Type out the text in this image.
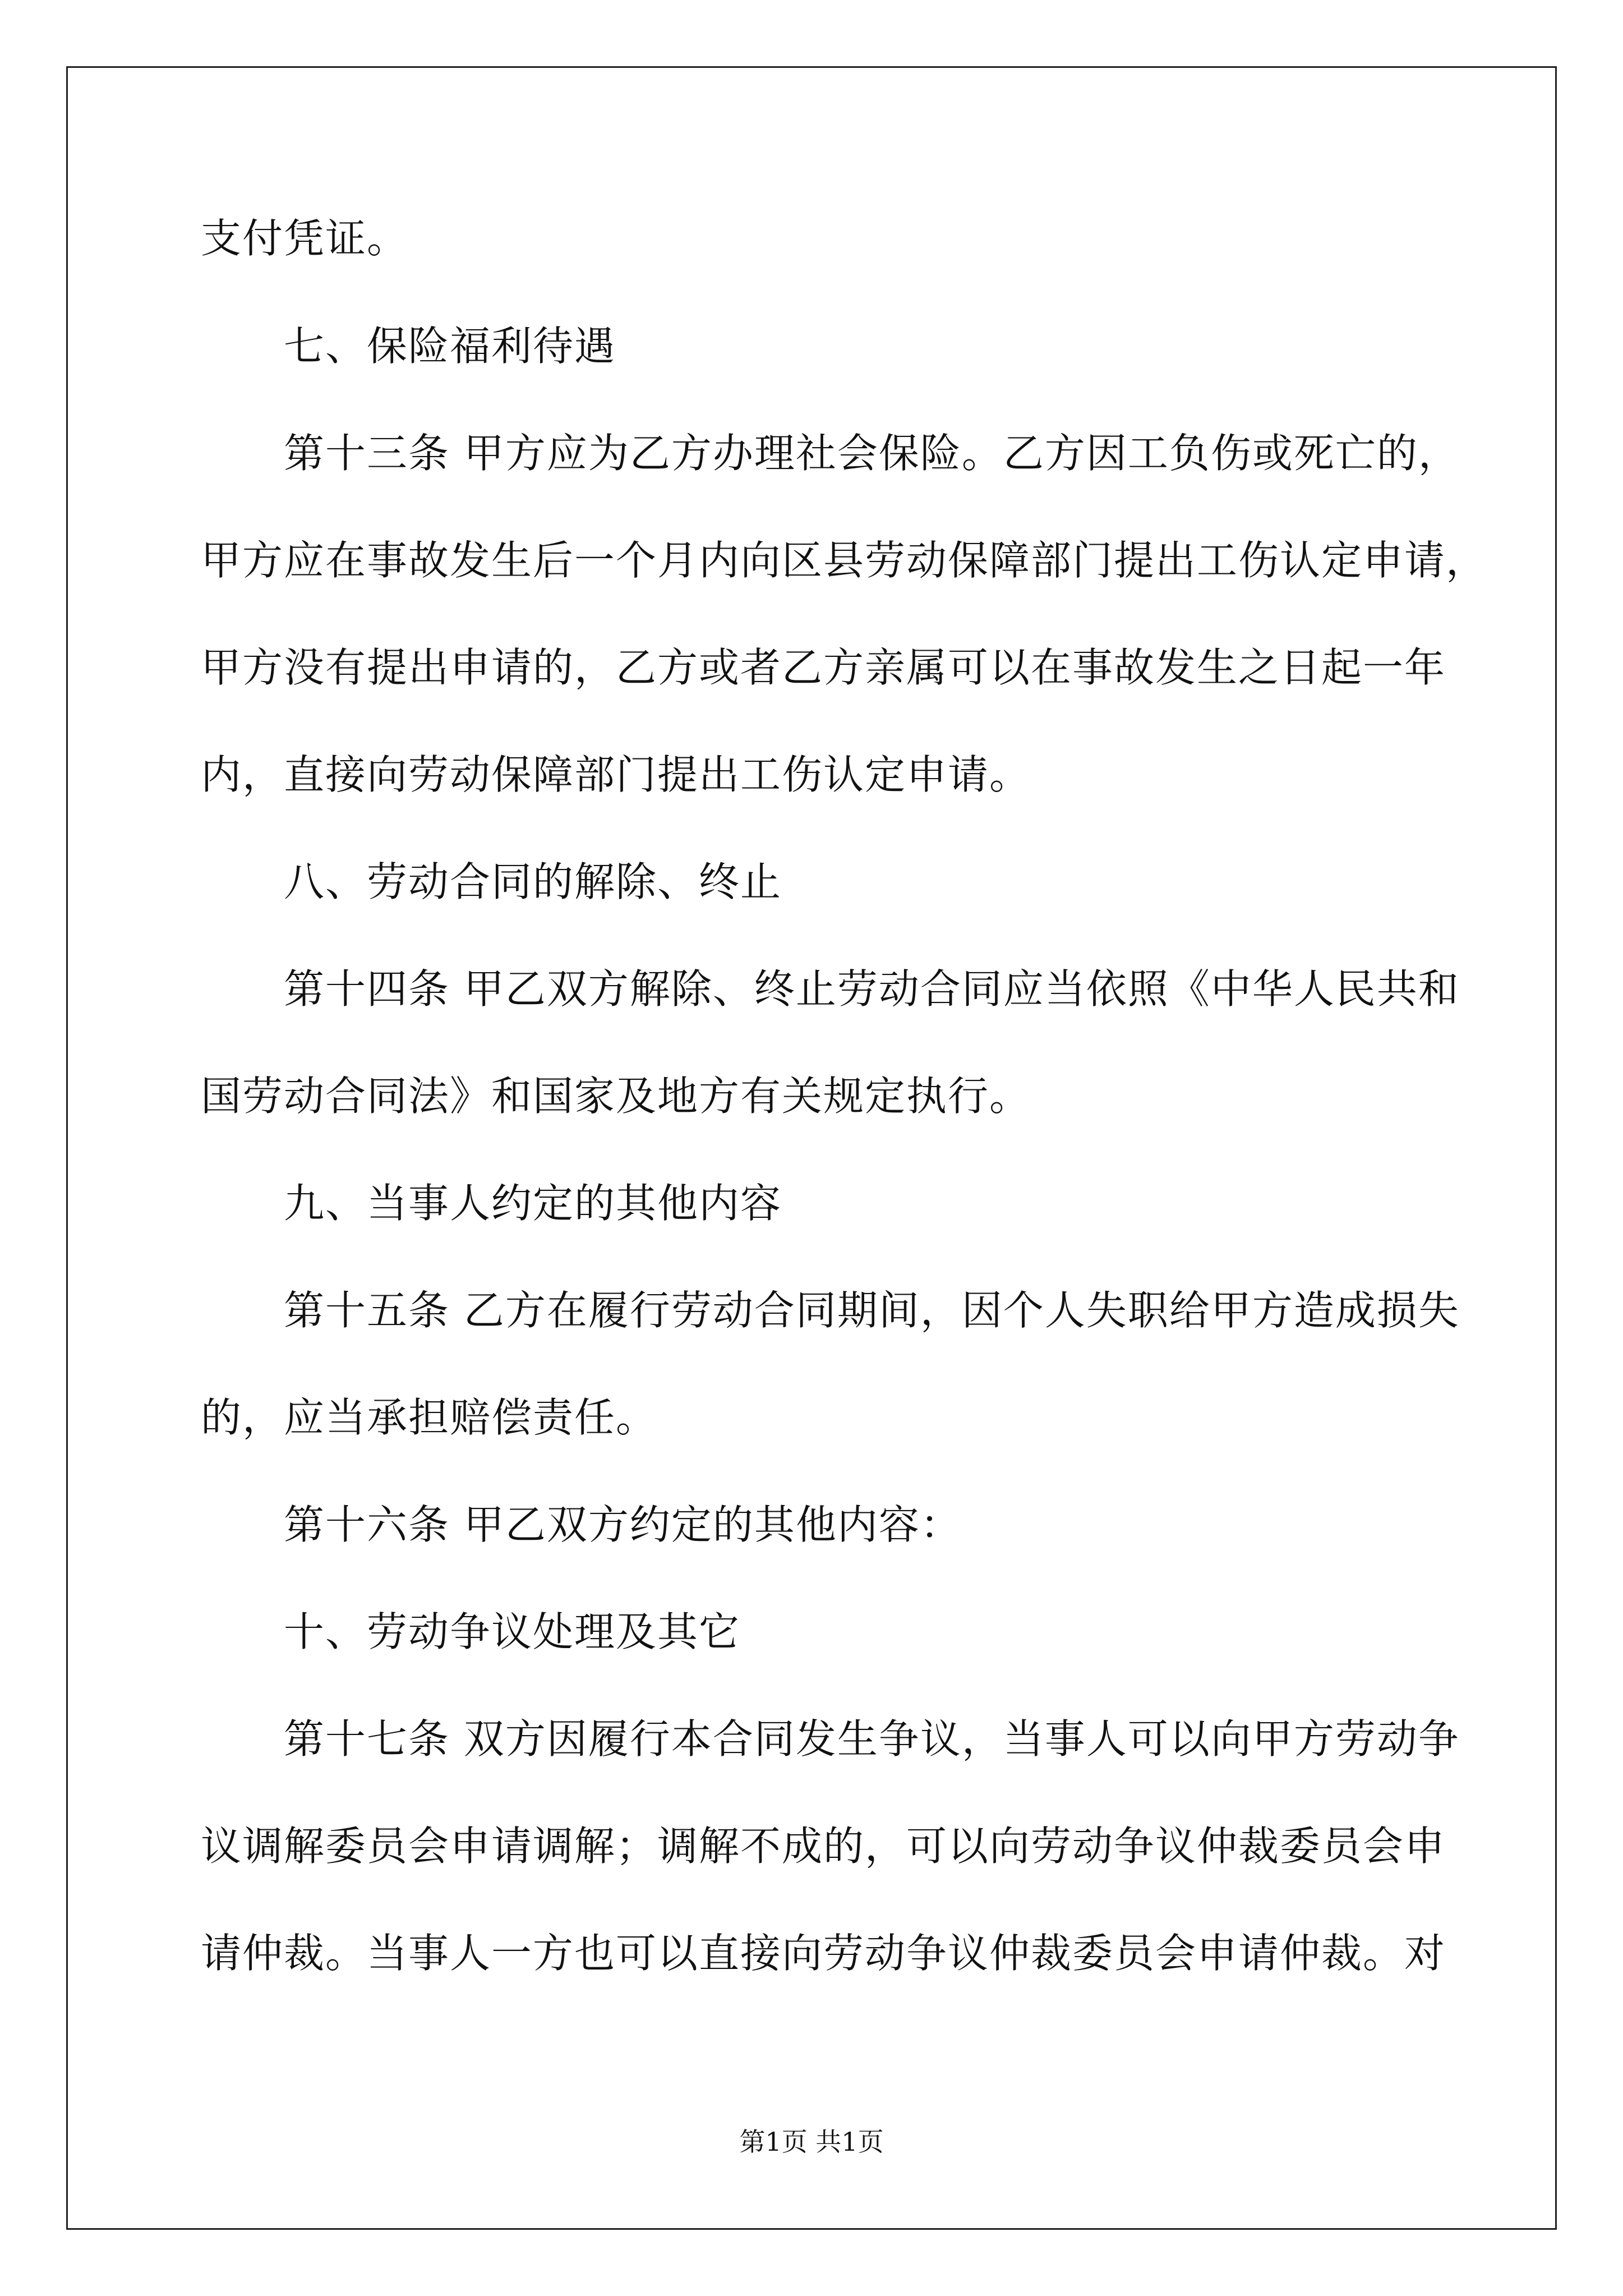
支付凭证。
七、保险福利待遇
第十三条 甲方应为乙方办理社会保险。乙方因工负伤或死亡的，
甲方应在事故发生后一个月内向区县劳动保障部门提出工伤认定申请，
甲方没有提出申请的，乙方或者乙方亲属可以在事故发生之日起一年
内，直接向劳动保障部门提出工伤认定申请。
八、劳动合同的解除、终止
第十四条 甲乙双方解除、终止劳动合同应当依照《中华人民共和
国劳动合同法》和国家及地方有关规定执行。
九、当事人约定的其他内容
第十五条 乙方在履行劳动合同期间，因个人失职给甲方造成损失
的，应当承担赔偿责任。
第十六条 甲乙双方约定的其他内容：
十、劳动争议处理及其它
第十七条 双方因履行本合同发生争议，当事人可以向甲方劳动争
议调解委员会申请调解；调解不成的，可以向劳动争议仲裁委员会申
请仲裁。当事人一方也可以直接向劳动争议仲裁委员会申请仲裁。对
第1页 共1页
